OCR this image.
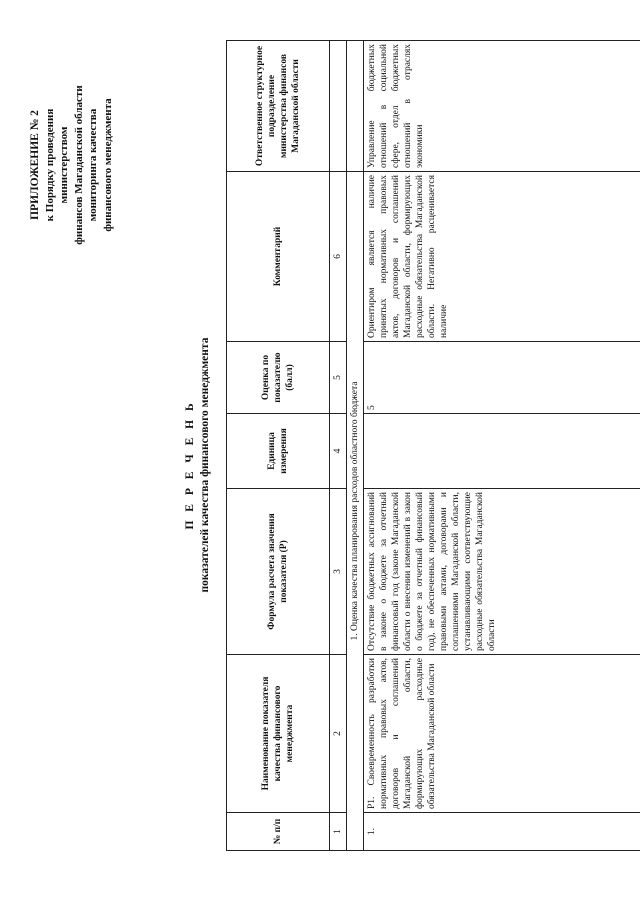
ПРИЛОЖЕНИЕ № 2 к Порядку проведения министерством финансов Магаданской области мониторинга качества финансового менеджмента
П Е Р Е Ч Е Н Ь показателей качества финансового менеджмента
№ п/п	Наименование показателя качества финансового менеджмента	Формула расчета значения показателя (Р)	Единица измерения	Оценка по показателю (балл)	Комментарий	Ответственное структурное подразделение министерства финансов Магаданской области
1	2	3	4	5	6	
1. Оценка качества планирования расходов областного бюджета						
1.	P1. Своевременность разработки нормативных правовых актов, договоров и соглашений Магаданской области, формирующих расходные обязательства Магаданской области	Отсутствие бюджетных ассигнований в законе о бюджете за отчетный финансовый год (законе Магаданской области о внесении изменений в закон о бюджете за отчетный финансовый год), не обеспеченных нормативными правовыми актами, договорами и соглашениями Магаданской области, устанавливающими соответствующие расходные обязательства Магаданской области		5	Ориентиром является наличие принятых нормативных правовых актов, договоров и соглашений Магаданской области, формирующих расходные обязательства Магаданской области. Негативно расценивается наличие	Управление бюджетных отношений в социальной сфере, отдел бюджетных отношений в отраслях экономики
